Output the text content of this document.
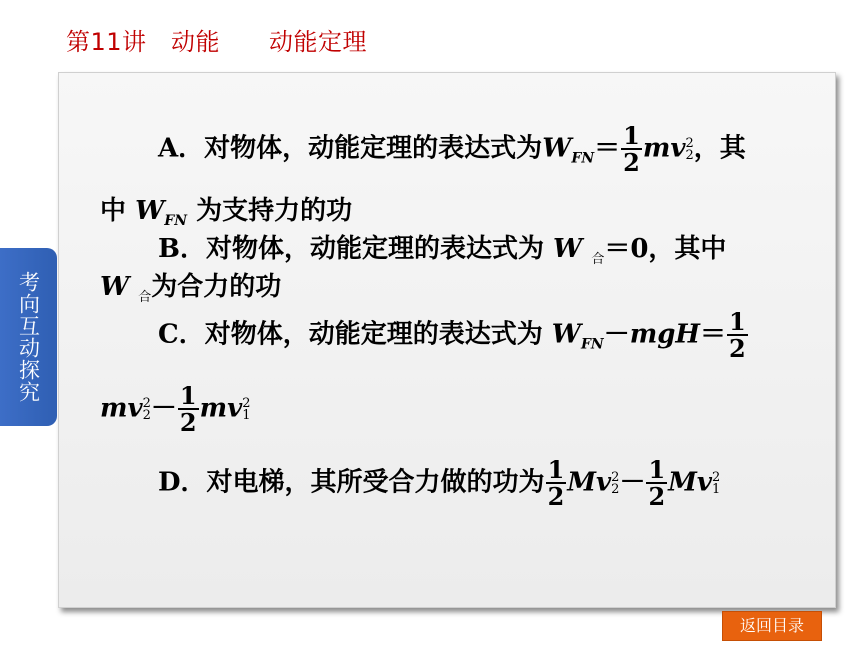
第11讲　动能　　动能定理
考向互动探究
A．对物体，动能定理的表达式为$W_{FN}= \frac{1}{2}$ mv 2
2 ，其
中 $W_{FN}$ 为支持力的功
B．对物体，动能定理的表达式为 W $_合$＝0，其中
W $_合$为合力的功
C．对物体，动能定理的表达式为 $W_{FN}-mgH= \frac{1}{2}$
mv 2
$2 - \frac{1}{2}$ mv 2
1
D．对电梯，其所受合力做的功为 $\frac{1}{2}$ Mv 2
$2 - \frac{1}{2}$ Mv 2
1
返回目录
